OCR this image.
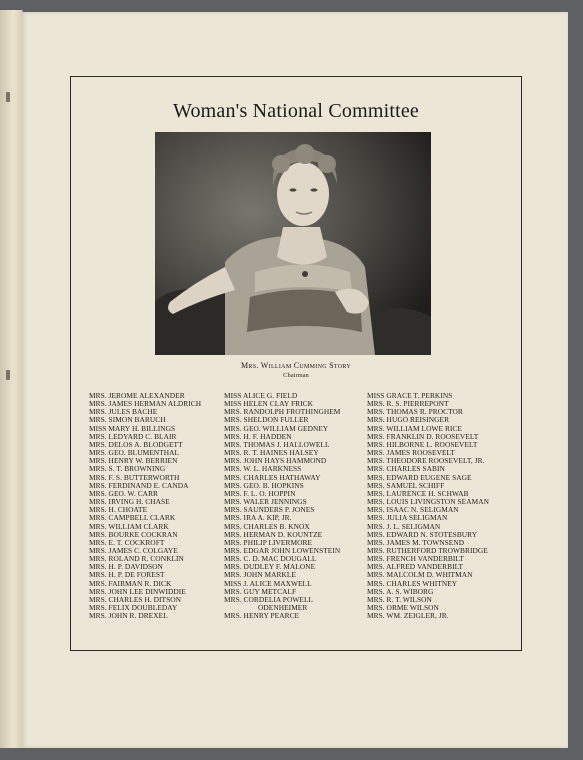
Woman's National Committee
Mrs. William Cumming Story
Chairman
MRS. JEROME ALEXANDER
MRS. JAMES HERMAN ALDRICH
MRS. JULES BACHE
MRS. SIMON BARUCH
MISS MARY H. BILLINGS
MRS. LEDYARD C. BLAIR
MRS. DELOS A. BLODGETT
MRS. GEO. BLUMENTHAL
MRS. HENRY W. BERRIEN
MRS. S. T. BROWNING
MRS. F. S. BUTTERWORTH
MRS. FERDINAND E. CANDA
MRS. GEO. W. CARR
MRS. IRVING H. CHASE
MRS. H. CHOATE
MRS. CAMPBELL CLARK
MRS. WILLIAM CLARK
MRS. BOURKE COCKRAN
MRS. E. T. COCKROFT
MRS. JAMES C. COLGAYE
MRS. ROLAND R. CONKLIN
MRS. H. P. DAVIDSON
MRS. H. P. DE FOREST
MRS. FAIRMAN R. DICK
MRS. JOHN LEE DINWIDDIE
MRS. CHARLES H. DITSON
MRS. FELIX DOUBLEDAY
MRS. JOHN R. DREXEL
MISS ALICE G. FIELD
MISS HELEN CLAY FRICK
MRS. RANDOLPH FROTHINGHEM
MRS. SHELDON FULLER
MRS. GEO. WILLIAM GEDNEY
MRS. H. F. HADDEN
MRS. THOMAS J. HALLOWELL
MRS. R. T. HAINES HALSEY
MRS. JOHN HAYS HAMMOND
MRS. W. L. HARKNESS
MRS. CHARLES HATHAWAY
MRS. GEO. B. HOPKINS
MRS. F. L. O. HOPPIN
MRS. WALER JENNINGS
MRS. SAUNDERS P. JONES
MRS. IRA A. KIP, JR.
MRS. CHARLES B. KNOX
MRS. HERMAN D. KOUNTZE
MRS. PHILIP LIVERMORE
MRS. EDGAR JOHN LOWENSTEIN
MRS. C. D. MAC DOUGALL
MRS. DUDLEY F. MALONE
MRS. JOHN MARKLE
MISS J. ALICE MAXWELL
MRS. GUY METCALF
MRS. CORDELIA POWELL
ODENHEIMER
MRS. HENRY PEARCE
MISS GRACE T. PERKINS
MRS. R. S. PIERREPONT
MRS. THOMAS R. PROCTOR
MRS. HUGO REISINGER
MRS. WILLIAM LOWE RICE
MRS. FRANKLIN D. ROOSEVELT
MRS. HILBORNE L. ROOSEVELT
MRS. JAMES ROOSEVELT
MRS. THEODORE ROOSEVELT, JR.
MRS. CHARLES SABIN
MRS. EDWARD EUGENE SAGE
MRS. SAMUEL SCHIFF
MRS. LAURENCE H. SCHWAB
MRS. LOUIS LIVINGSTON SEAMAN
MRS. ISAAC N. SELIGMAN
MRS. JULIA SELIGMAN
MRS. J. L. SELIGMAN
MRS. EDWARD N. STOTESBURY
MRS. JAMES M. TOWNSEND
MRS. RUTHERFORD TROWBRIDGE
MRS. FRENCH VANDERBILT
MRS. ALFRED VANDERBILT
MRS. MALCOLM D. WHITMAN
MRS. CHARLES WHITNEY
MRS. A. S. WIBORG
MRS. R. T. WILSON
MRS. ORME WILSON
MRS. WM. ZEIGLER, JR.
